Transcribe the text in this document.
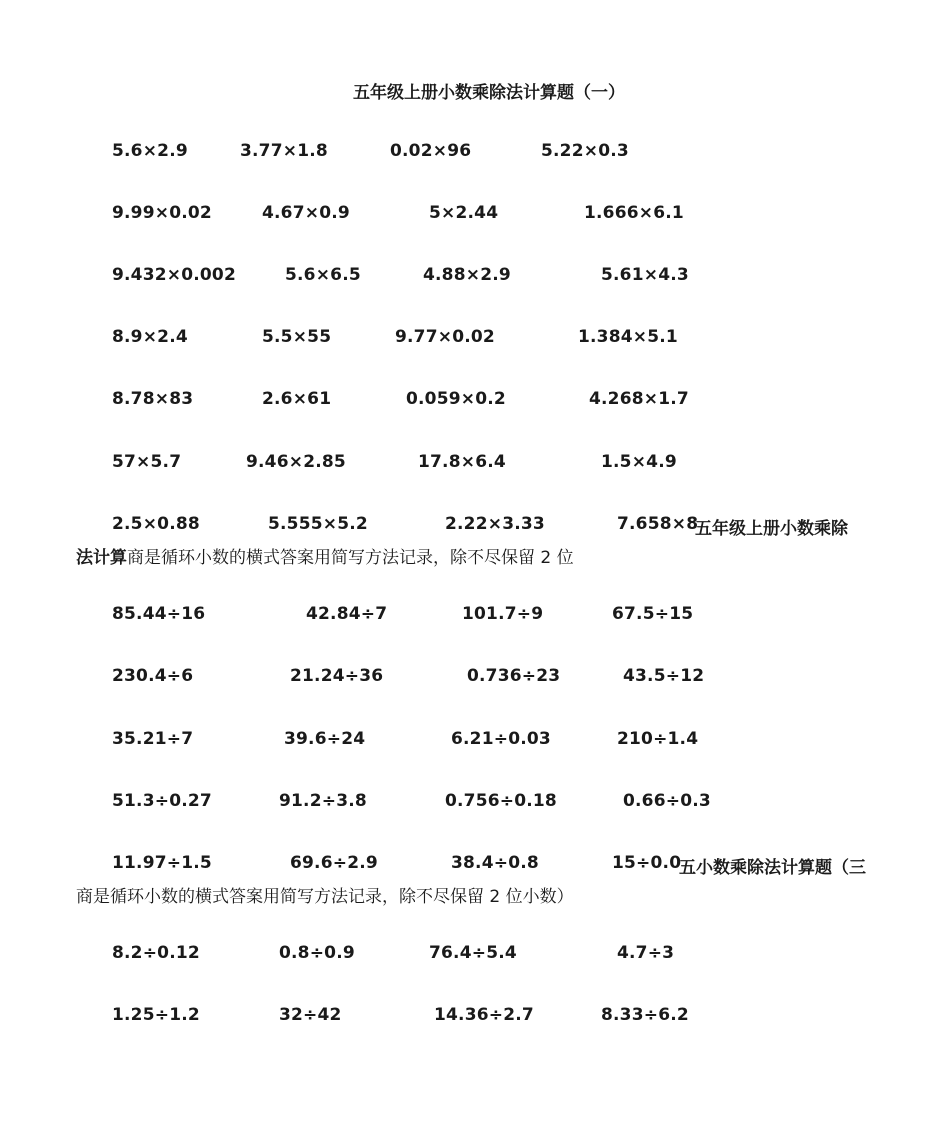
五年级上册小数乘除法计算题（一）
5.6×2.9	3.77×1.8	0.02×96	5.22×0.3
9.99×0.02	4.67×0.9	5×2.44	1.666×6.1
9.432×0.002	5.6×6.5	4.88×2.9	5.61×4.3
8.9×2.4	5.5×55	9.77×0.02	1.384×5.1
8.78×83	2.6×61	0.059×0.2	4.268×1.7
57×5.7	9.46×2.85	17.8×6.4	1.5×4.9
2.5×0.88	5.555×5.2	2.22×3.33	7.658×8
五年级上册小数乘除
法计算商是循环小数的横式答案用简写方法记录，除不尽保留 2 位
85.44÷16	42.84÷7	101.7÷9	67.5÷15
230.4÷6	21.24÷36	0.736÷23	43.5÷12
35.21÷7	39.6÷24	6.21÷0.03	210÷1.4
51.3÷0.27	91.2÷3.8	0.756÷0.18	0.66÷0.3
11.97÷1.5	69.6÷2.9	38.4÷0.8	15÷0.0
五小数乘除法计算题（三
商是循环小数的横式答案用简写方法记录，除不尽保留 2 位小数）
8.2÷0.12	0.8÷0.9	76.4÷5.4	4.7÷3
1.25÷1.2	32÷42	14.36÷2.7	8.33÷6.2
